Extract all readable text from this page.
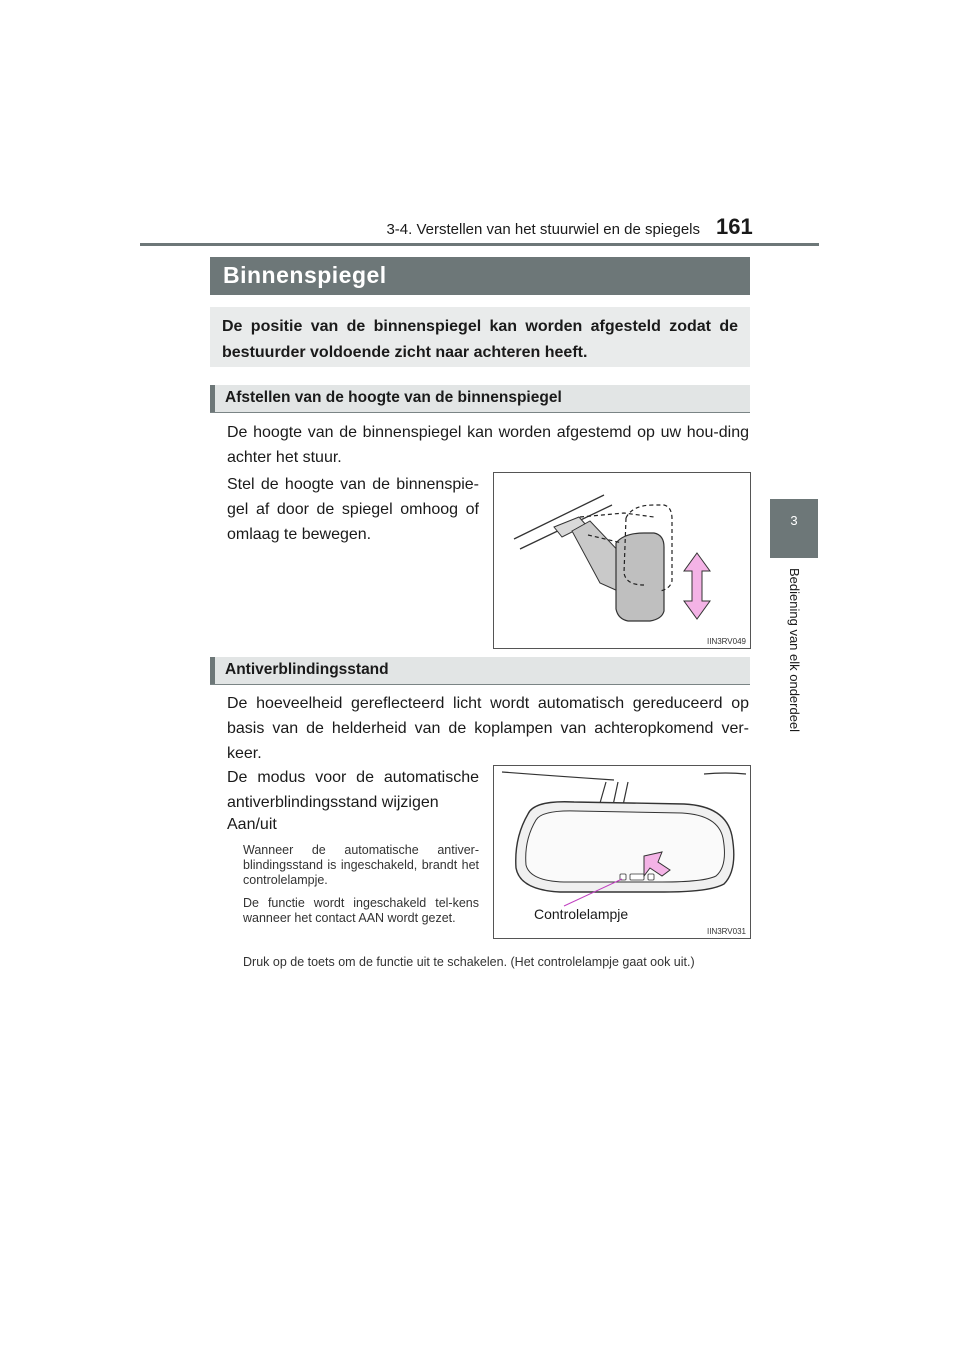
3-4. Verstellen van het stuurwiel en de spiegels 161
3
Bediening van elk onderdeel
Binnenspiegel

De positie van de binnenspiegel kan worden afgesteld zodat de bestuurder voldoende zicht naar achteren heeft.

Afstellen van de hoogte van de binnenspiegel

De hoogte van de binnenspiegel kan worden afgestemd op uw hou-ding achter het stuur.

Stel de hoogte van de binnenspie-gel af door de spiegel omhoog of omlaag te bewegen.

IIN3RV049
Antiverblindingsstand

De hoeveelheid gereflecteerd licht wordt automatisch gereduceerd op basis van de helderheid van de koplampen van achteropkomend ver-keer.

De modus voor de automatische antiverblindingsstand wijzigen

Aan/uit

Wanneer de automatische antiver-blindingsstand is ingeschakeld, brandt het controlelampje.

De functie wordt ingeschakeld tel-kens wanneer het contact AAN wordt gezet.

Druk op de toets om de functie uit te schakelen. (Het controlelampje gaat ook uit.)

Controlelampje
IIN3RV031
